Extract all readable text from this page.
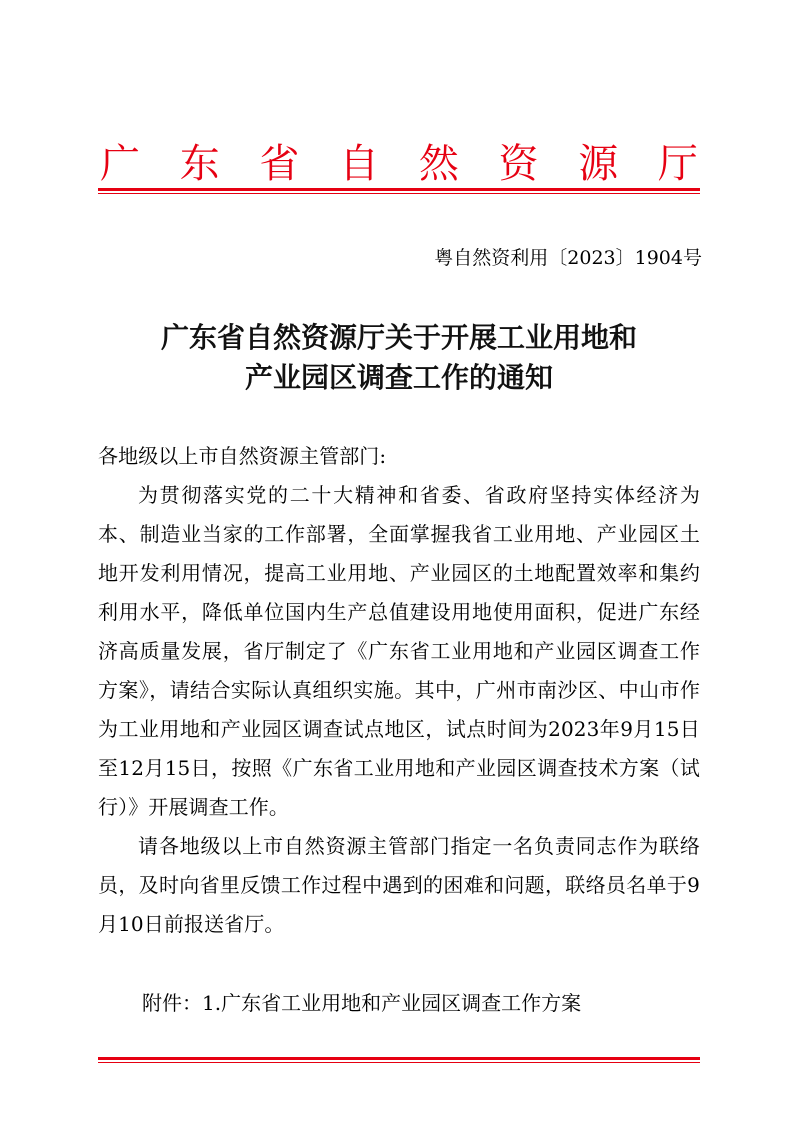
广 东 省 自 然 资 源 厅
粤自然资利用〔2023〕1904号
广东省自然资源厅关于开展工业用地和
产业园区调查工作的通知

各地级以上市自然资源主管部门:

为贯彻落实党的二十大精神和省委、省政府坚持实体经济为本、制造业当家的工作部署，全面掌握我省工业用地、产业园区土地开发利用情况，提高工业用地、产业园区的土地配置效率和集约利用水平，降低单位国内生产总值建设用地使用面积，促进广东经济高质量发展，省厅制定了《广东省工业用地和产业园区调查工作方案》，请结合实际认真组织实施。其中，广州市南沙区、中山市作为工业用地和产业园区调查试点地区，试点时间为2023年9月15日至12月15日，按照《广东省工业用地和产业园区调查技术方案（试行）》开展调查工作。

请各地级以上市自然资源主管部门指定一名负责同志作为联络员，及时向省里反馈工作过程中遇到的困难和问题，联络员名单于9月10日前报送省厅。

附件：1.广东省工业用地和产业园区调查工作方案
